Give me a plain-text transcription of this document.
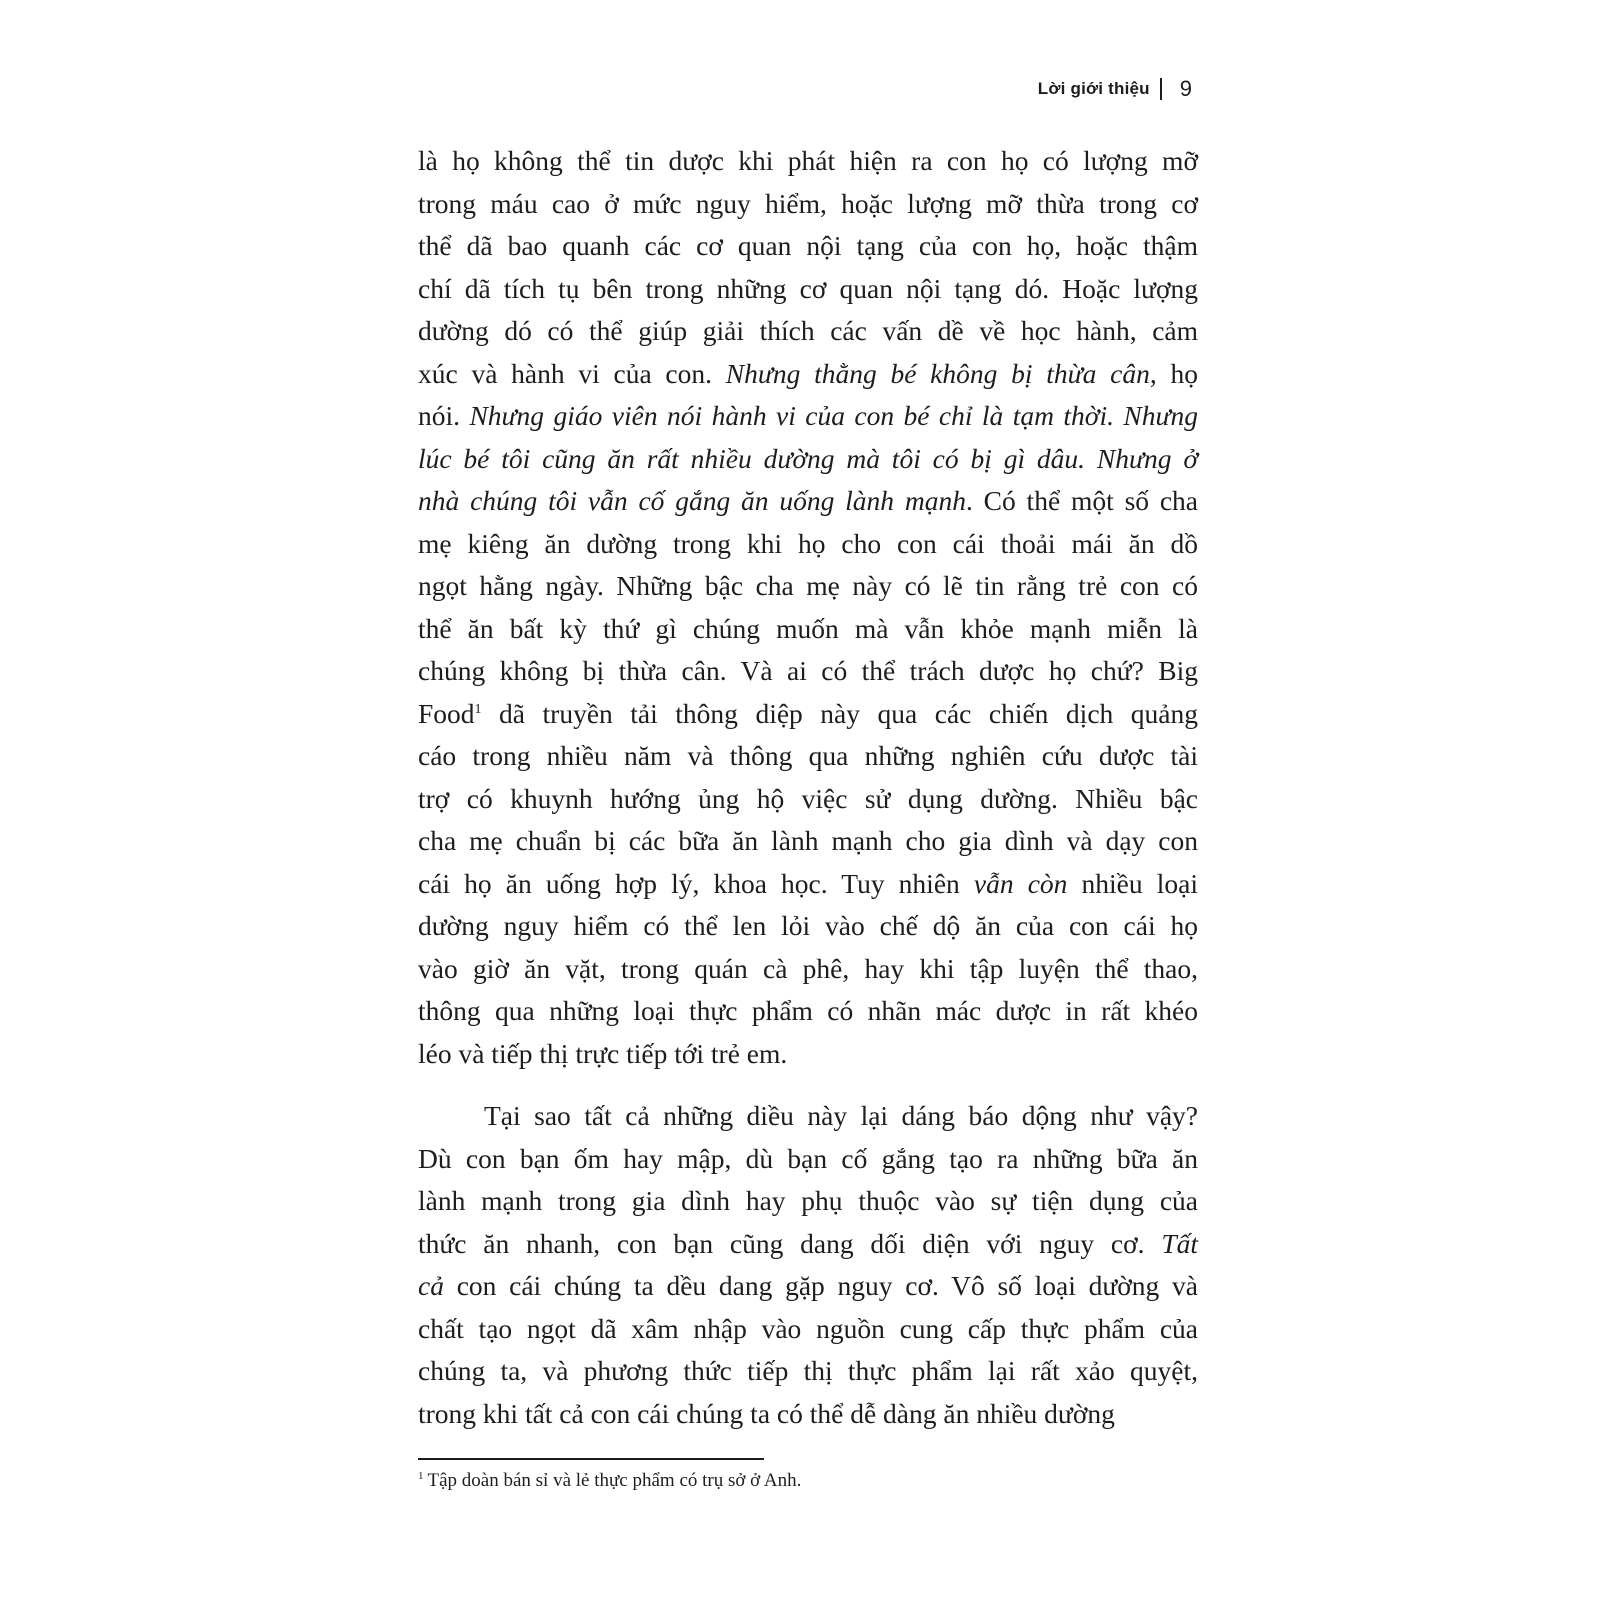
Lời giới thiệu 9
là họ không thể tin dược khi phát hiện ra con họ có lượng mỡ
trong máu cao ở mức nguy hiểm, hoặc lượng mỡ thừa trong cơ
thể dã bao quanh các cơ quan nội tạng của con họ, hoặc thậm
chí dã tích tụ bên trong những cơ quan nội tạng dó. Hoặc lượng
dường dó có thể giúp giải thích các vấn dề về học hành, cảm
xúc và hành vi của con. Nhưng thằng bé không bị thừa cân, họ
nói. Nhưng giáo viên nói hành vi của con bé chỉ là tạm thời. Nhưng
lúc bé tôi cũng ăn rất nhiều dường mà tôi có bị gì dâu. Nhưng ở
nhà chúng tôi vẫn cố gắng ăn uống lành mạnh. Có thể một số cha
mẹ kiêng ăn dường trong khi họ cho con cái thoải mái ăn dồ
ngọt hằng ngày. Những bậc cha mẹ này có lẽ tin rằng trẻ con có
thể ăn bất kỳ thứ gì chúng muốn mà vẫn khỏe mạnh miễn là
chúng không bị thừa cân. Và ai có thể trách dược họ chứ? Big
Food$^1$ dã truyền tải thông diệp này qua các chiến dịch quảng
cáo trong nhiều năm và thông qua những nghiên cứu dược tài
trợ có khuynh hướng ủng hộ việc sử dụng dường. Nhiều bậc
cha mẹ chuẩn bị các bữa ăn lành mạnh cho gia dình và dạy con
cái họ ăn uống hợp lý, khoa học. Tuy nhiên vẫn còn nhiều loại
dường nguy hiểm có thể len lỏi vào chế dộ ăn của con cái họ
vào giờ ăn vặt, trong quán cà phê, hay khi tập luyện thể thao,
thông qua những loại thực phẩm có nhãn mác dược in rất khéo
léo và tiếp thị trực tiếp tới trẻ em.
Tại sao tất cả những diều này lại dáng báo dộng như vậy?
Dù con bạn ốm hay mập, dù bạn cố gắng tạo ra những bữa ăn
lành mạnh trong gia dình hay phụ thuộc vào sự tiện dụng của
thức ăn nhanh, con bạn cũng dang dối diện với nguy cơ. Tất
cả con cái chúng ta dều dang gặp nguy cơ. Vô số loại dường và
chất tạo ngọt dã xâm nhập vào nguồn cung cấp thực phẩm của
chúng ta, và phương thức tiếp thị thực phẩm lại rất xảo quyệt,
trong khi tất cả con cái chúng ta có thể dễ dàng ăn nhiều dường
$^1$ Tập doàn bán sỉ và lẻ thực phẩm có trụ sở ở Anh.
